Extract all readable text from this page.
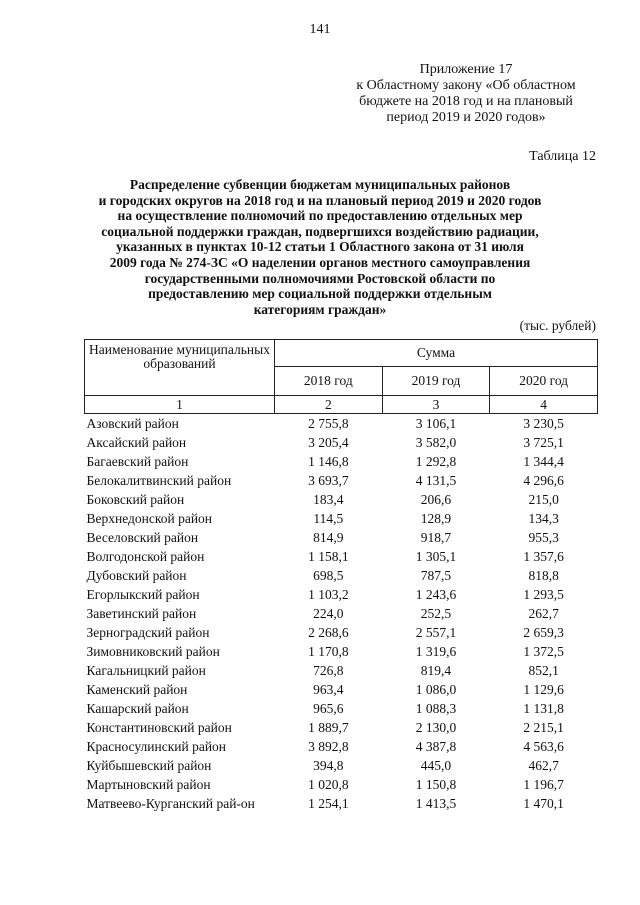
141
Приложение 17
к Областному закону «Об областном
бюджете на 2018 год и на плановый
период 2019 и 2020 годов»
Таблица 12
Распределение субвенции бюджетам муниципальных районов
и городских округов на 2018 год и на плановый период 2019 и 2020 годов
на осуществление полномочий по предоставлению отдельных мер
социальной поддержки граждан, подвергшихся воздействию радиации,
указанных в пунктах 10-12 статьи 1 Областного закона от 31 июля
2009 года № 274-ЗС «О наделении органов местного самоуправления
государственными полномочиями Ростовской области по
предоставлению мер социальной поддержки отдельным
категориям граждан»
(тыс. рублей)
Наименование муниципальных образований	Сумма		
	2018 год	2019 год	2020 год
1	2	3	4
Азовский район	2 755,8	3 106,1	3 230,5
Аксайский район	3 205,4	3 582,0	3 725,1
Багаевский район	1 146,8	1 292,8	1 344,4
Белокалитвинский район	3 693,7	4 131,5	4 296,6
Боковский район	183,4	206,6	215,0
Верхнедонской район	114,5	128,9	134,3
Веселовский район	814,9	918,7	955,3
Волгодонской район	1 158,1	1 305,1	1 357,6
Дубовский район	698,5	787,5	818,8
Егорлыкский район	1 103,2	1 243,6	1 293,5
Заветинский район	224,0	252,5	262,7
Зерноградский район	2 268,6	2 557,1	2 659,3
Зимовниковский район	1 170,8	1 319,6	1 372,5
Кагальницкий район	726,8	819,4	852,1
Каменский район	963,4	1 086,0	1 129,6
Кашарский район	965,6	1 088,3	1 131,8
Константиновский район	1 889,7	2 130,0	2 215,1
Красносулинский район	3 892,8	4 387,8	4 563,6
Куйбышевский район	394,8	445,0	462,7
Мартыновский район	1 020,8	1 150,8	1 196,7
Матвеево-Курганский рай-он	1 254,1	1 413,5	1 470,1
